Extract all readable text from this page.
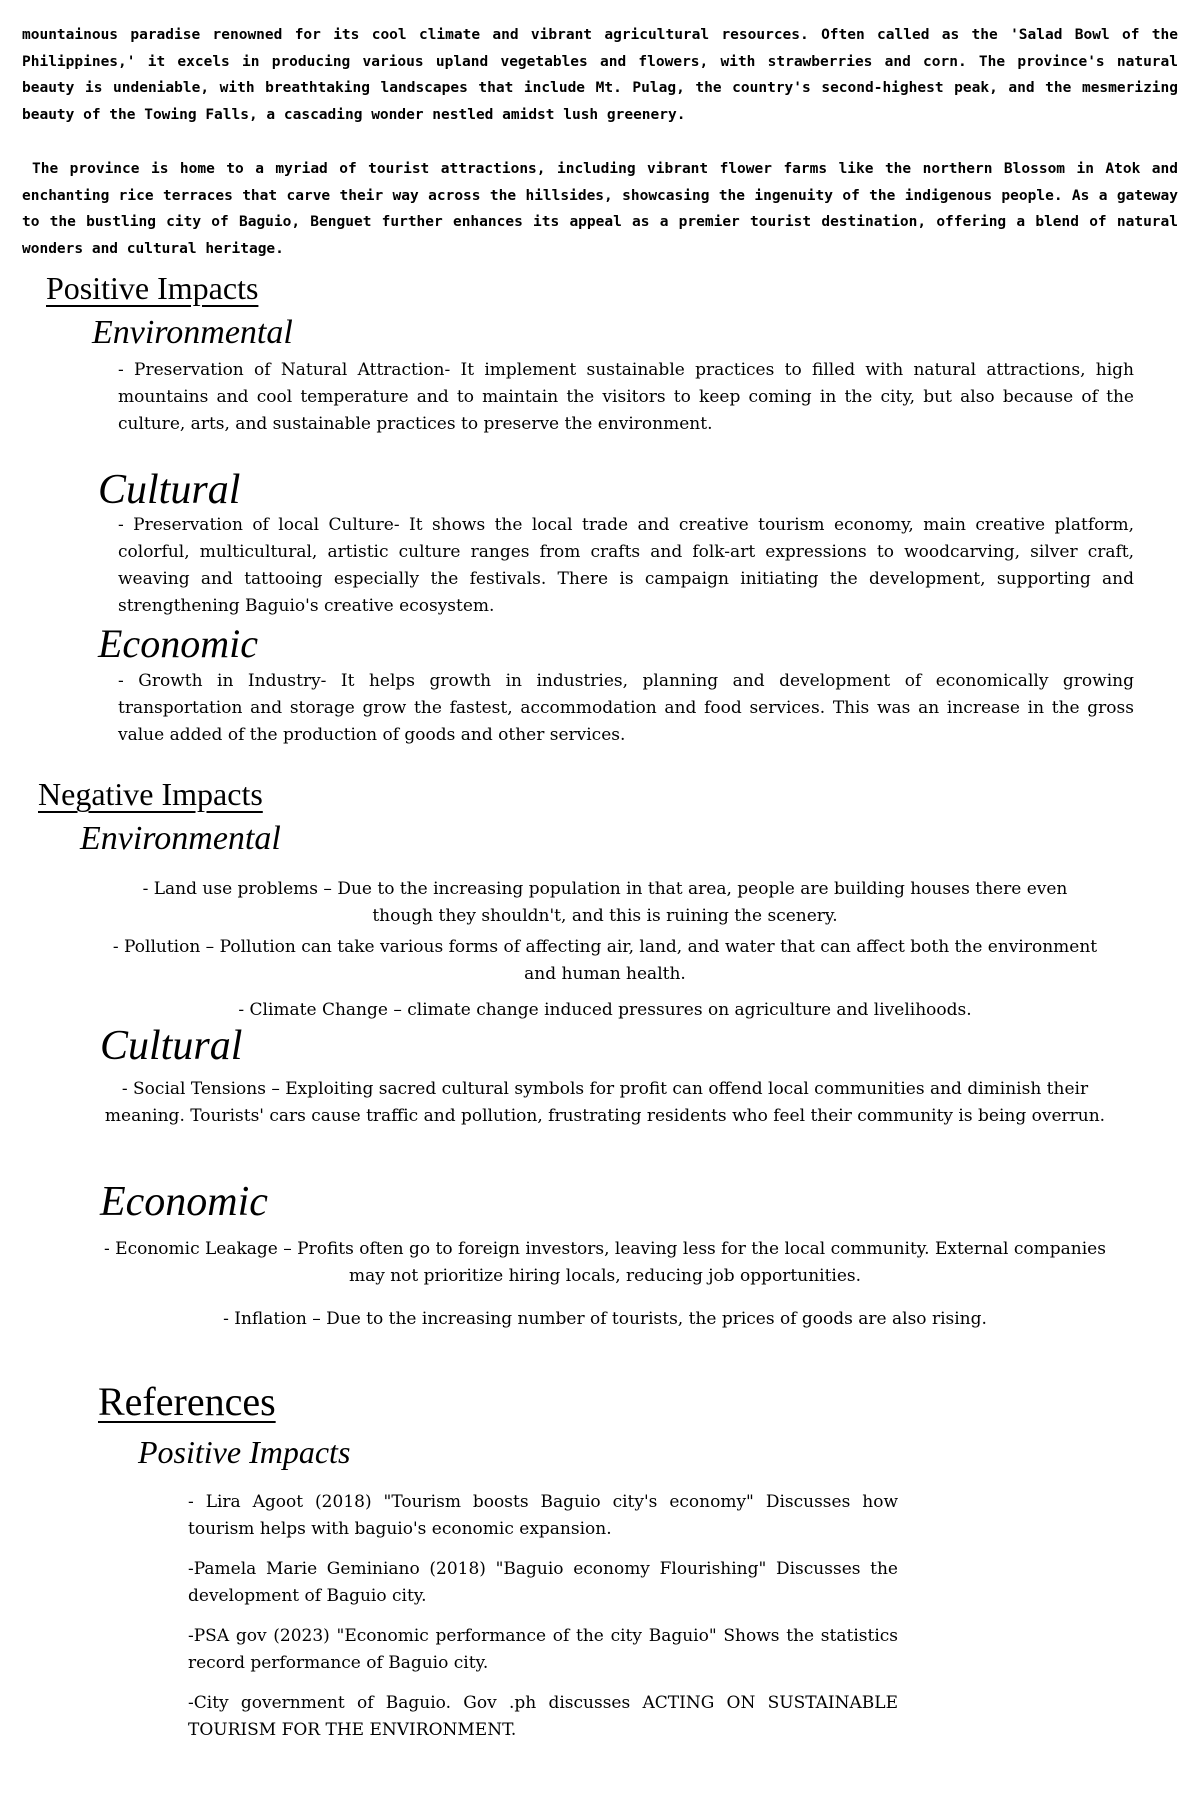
mountainous paradise renowned for its cool climate and vibrant agricultural resources. Often called as the 'Salad Bowl of the Philippines,' it excels in producing various upland vegetables and flowers, with strawberries and corn. The province's natural beauty is undeniable, with breathtaking landscapes that include Mt. Pulag, the country's second-highest peak, and the mesmerizing beauty of the Towing Falls, a cascading wonder nestled amidst lush greenery.

The province is home to a myriad of tourist attractions, including vibrant flower farms like the northern Blossom in Atok and enchanting rice terraces that carve their way across the hillsides, showcasing the ingenuity of the indigenous people. As a gateway to the bustling city of Baguio, Benguet further enhances its appeal as a premier tourist destination, offering a blend of natural wonders and cultural heritage.

Positive Impacts
Environmental

- Preservation of Natural Attraction- It implement sustainable practices to filled with natural attractions, high mountains and cool temperature and to maintain the visitors to keep coming in the city, but also because of the culture, arts, and sustainable practices to preserve the environment.

Cultural

- Preservation of local Culture- It shows the local trade and creative tourism economy, main creative platform, colorful, multicultural, artistic culture ranges from crafts and folk-art expressions to woodcarving, silver craft, weaving and tattooing especially the festivals. There is campaign initiating the development, supporting and strengthening Baguio's creative ecosystem.

Economic

- Growth in Industry- It helps growth in industries, planning and development of economically growing transportation and storage grow the fastest, accommodation and food services. This was an increase in the gross value added of the production of goods and other services.

Negative Impacts
Environmental

- Land use problems – Due to the increasing population in that area, people are building houses there even though they shouldn't, and this is ruining the scenery.

- Pollution – Pollution can take various forms of affecting air, land, and water that can affect both the environment and human health.

- Climate Change – climate change induced pressures on agriculture and livelihoods.

Cultural

- Social Tensions – Exploiting sacred cultural symbols for profit can offend local communities and diminish their meaning. Tourists' cars cause traffic and pollution, frustrating residents who feel their community is being overrun.

Economic

- Economic Leakage – Profits often go to foreign investors, leaving less for the local community. External companies may not prioritize hiring locals, reducing job opportunities.

- Inflation – Due to the increasing number of tourists, the prices of goods are also rising.

References
Positive Impacts

- Lira Agoot (2018) "Tourism boosts Baguio city's economy" Discusses how tourism helps with baguio's economic expansion.

-Pamela Marie Geminiano (2018) "Baguio economy Flourishing" Discusses the development of Baguio city.

-PSA gov (2023) "Economic performance of the city Baguio" Shows the statistics record performance of Baguio city.

-City government of Baguio. Gov .ph discusses ACTING ON SUSTAINABLE TOURISM FOR THE ENVIRONMENT.
